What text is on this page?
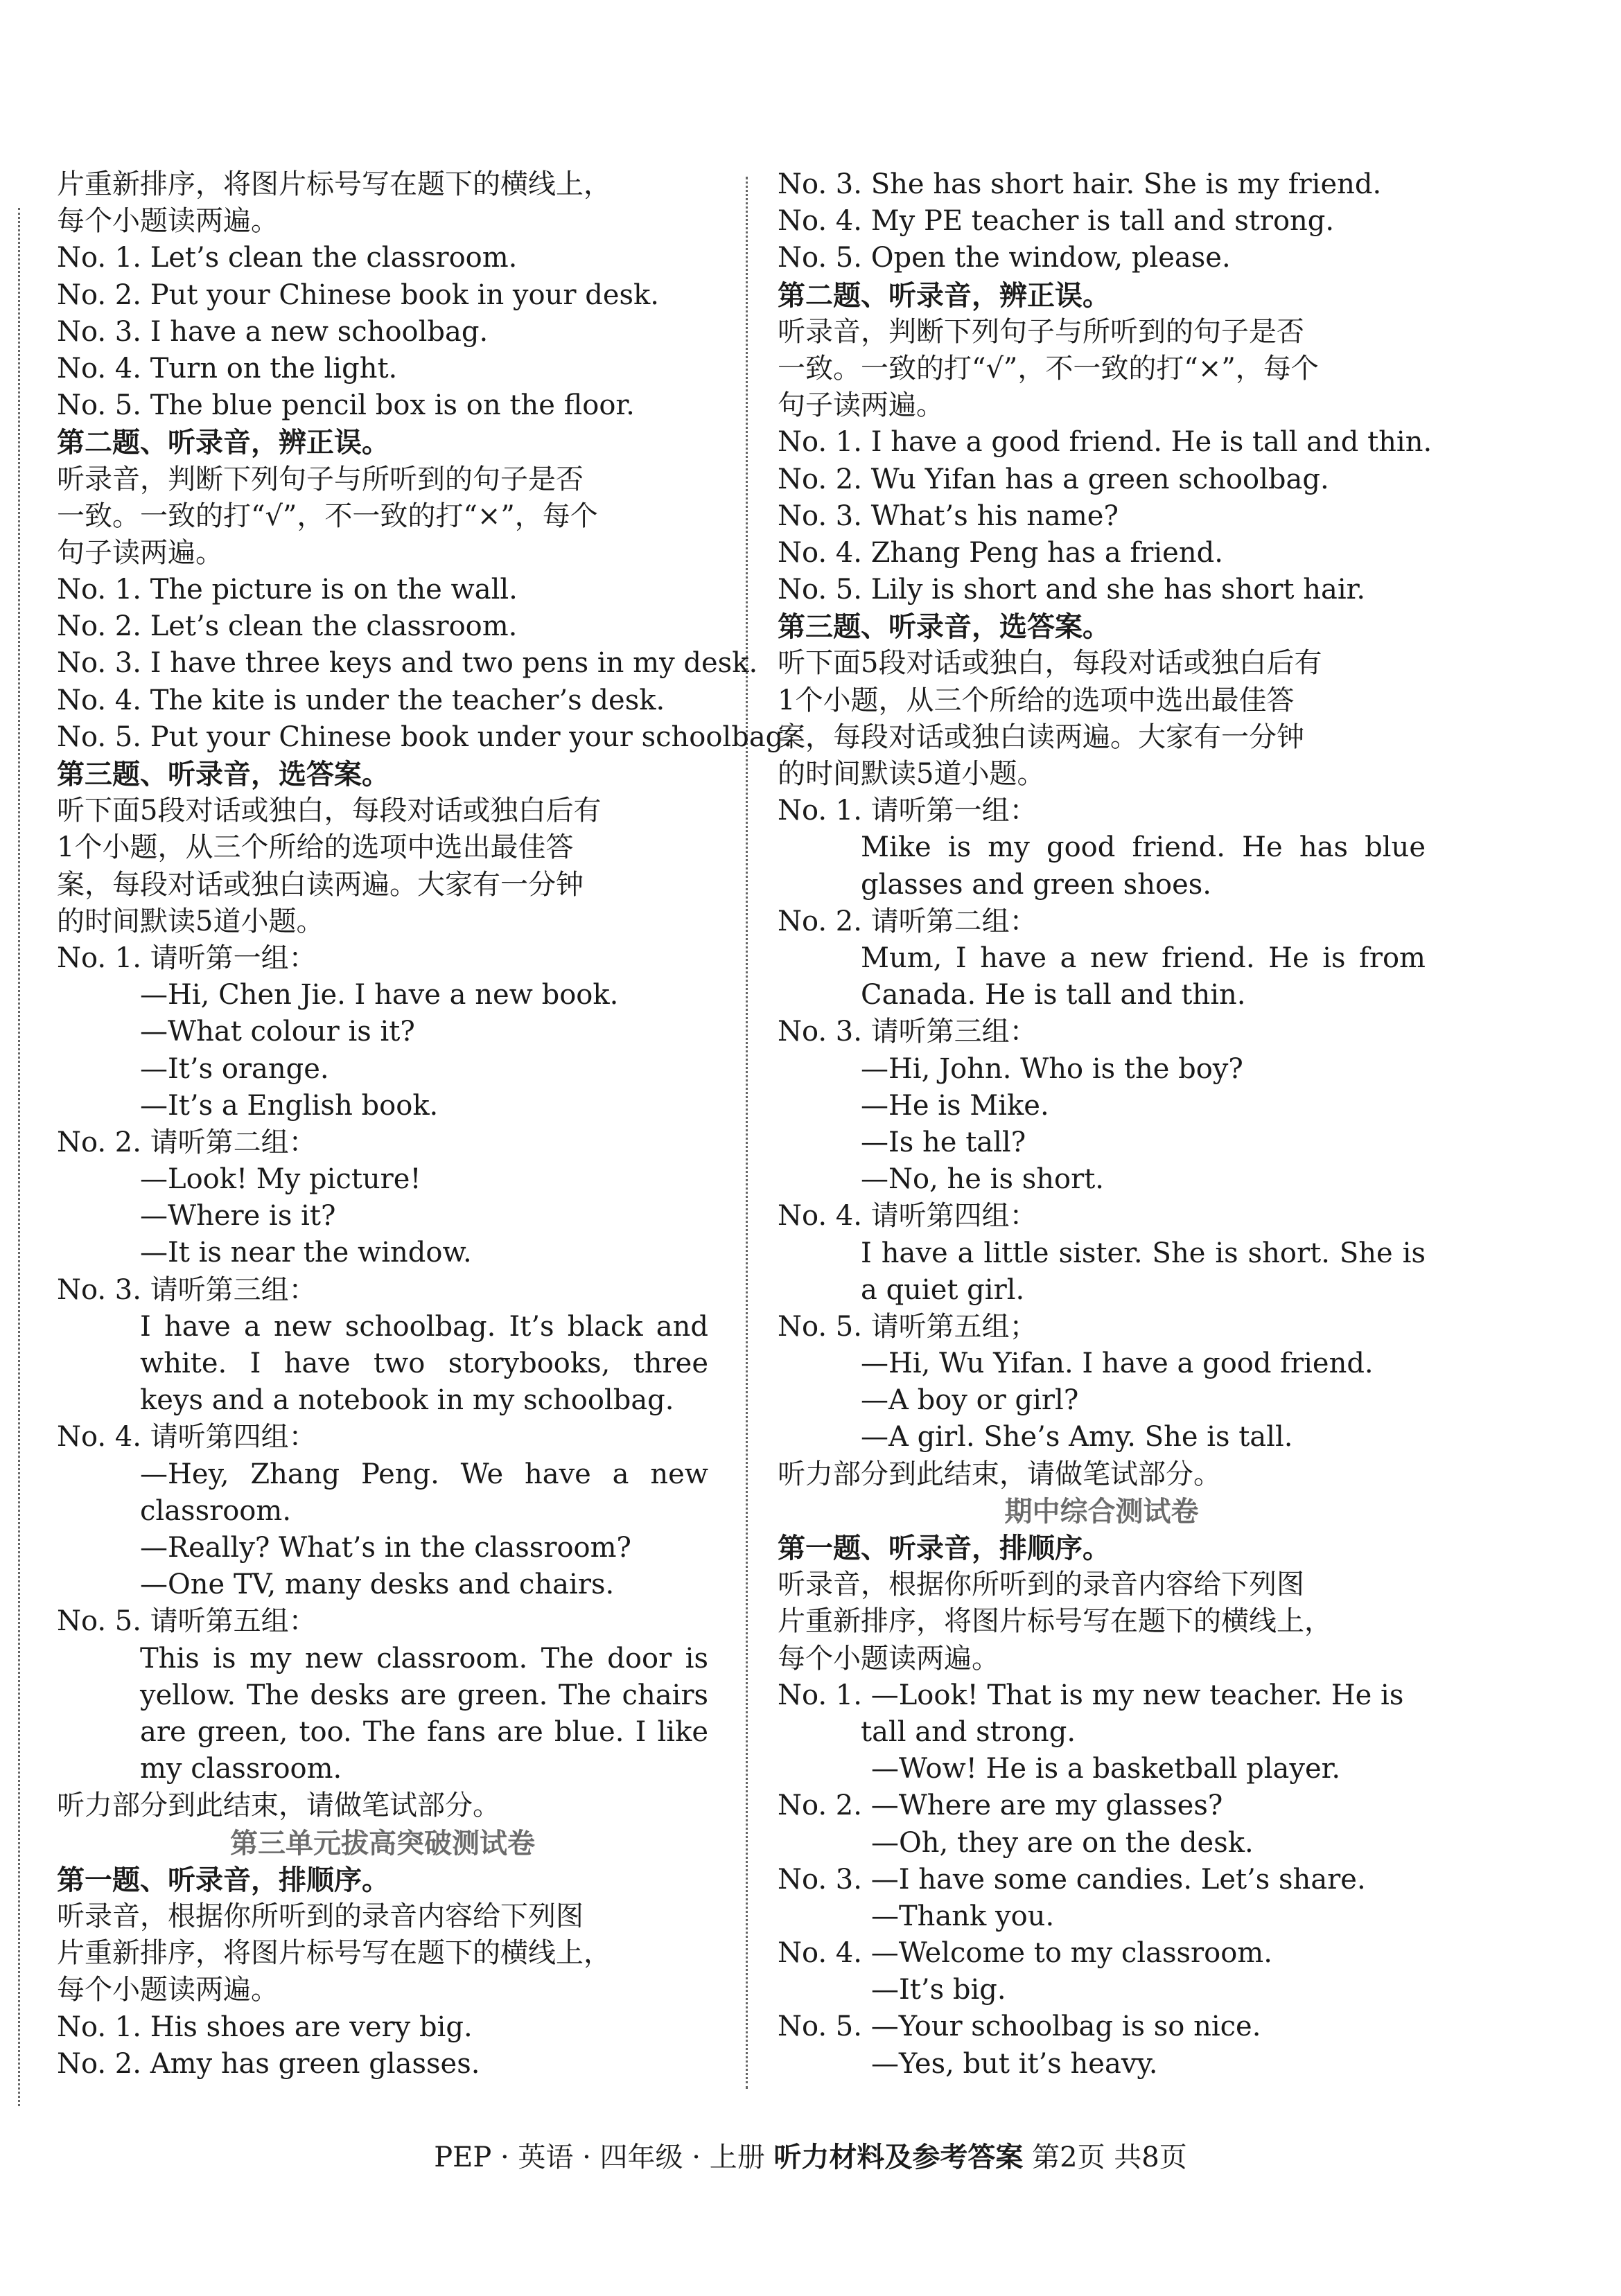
片重新排序，将图片标号写在题下的横线上，
每个小题读两遍。
No. 1. Let’s clean the classroom.
No. 2. Put your Chinese book in your desk.
No. 3. I have a new schoolbag.
No. 4. Turn on the light.
No. 5. The blue pencil box is on the floor.
第二题、听录音，辨正误。
听录音，判断下列句子与所听到的句子是否
一致。一致的打“√”，不一致的打“×”，每个
句子读两遍。
No. 1. The picture is on the wall.
No. 2. Let’s clean the classroom.
No. 3. I have three keys and two pens in my desk.
No. 4. The kite is under the teacher’s desk.
No. 5. Put your Chinese book under your schoolbag.
第三题、听录音，选答案。
听下面5段对话或独白，每段对话或独白后有
1个小题，从三个所给的选项中选出最佳答
案，每段对话或独白读两遍。大家有一分钟
的时间默读5道小题。
No. 1. 请听第一组：
—Hi, Chen Jie. I have a new book.
—What colour is it?
—It’s orange.
—It’s a English book.
No. 2. 请听第二组：
—Look! My picture!
—Where is it?
—It is near the window.
No. 3. 请听第三组：
I have a new schoolbag. It’s black and white. I have two storybooks, three keys and a notebook in my schoolbag.
No. 4. 请听第四组：
—Hey, Zhang Peng. We have a new classroom.
—Really? What’s in the classroom?
—One TV, many desks and chairs.
No. 5. 请听第五组：
This is my new classroom. The door is yellow. The desks are green. The chairs are green, too. The fans are blue. I like my classroom.
听力部分到此结束，请做笔试部分。
第三单元拔高突破测试卷
第一题、听录音，排顺序。
听录音，根据你所听到的录音内容给下列图
片重新排序，将图片标号写在题下的横线上，
每个小题读两遍。
No. 1. His shoes are very big.
No. 2. Amy has green glasses.
No. 3. She has short hair. She is my friend.
No. 4. My PE teacher is tall and strong.
No. 5. Open the window, please.
第二题、听录音，辨正误。
听录音，判断下列句子与所听到的句子是否
一致。一致的打“√”，不一致的打“×”，每个
句子读两遍。
No. 1. I have a good friend. He is tall and thin.
No. 2. Wu Yifan has a green schoolbag.
No. 3. What’s his name?
No. 4. Zhang Peng has a friend.
No. 5. Lily is short and she has short hair.
第三题、听录音，选答案。
听下面5段对话或独白，每段对话或独白后有
1个小题，从三个所给的选项中选出最佳答
案，每段对话或独白读两遍。大家有一分钟
的时间默读5道小题。
No. 1. 请听第一组：
Mike is my good friend. He has blue glasses and green shoes.
No. 2. 请听第二组：
Mum, I have a new friend. He is from Canada. He is tall and thin.
No. 3. 请听第三组：
—Hi, John. Who is the boy?
—He is Mike.
—Is he tall?
—No, he is short.
No. 4. 请听第四组：
I have a little sister. She is short. She is a quiet girl.
No. 5. 请听第五组；
—Hi, Wu Yifan. I have a good friend.
—A boy or girl?
—A girl. She’s Amy. She is tall.
听力部分到此结束，请做笔试部分。
期中综合测试卷
第一题、听录音，排顺序。
听录音，根据你所听到的录音内容给下列图
片重新排序，将图片标号写在题下的横线上，
每个小题读两遍。
No. 1. —Look! That is my new teacher. He is
tall and strong.
—Wow! He is a basketball player.
No. 2. —Where are my glasses?
—Oh, they are on the desk.
No. 3. —I have some candies. Let’s share.
—Thank you.
No. 4. —Welcome to my classroom.
—It’s big.
No. 5. —Your schoolbag is so nice.
—Yes, but it’s heavy.
PEP · 英语 · 四年级 · 上册 听力材料及参考答案 第2页 共8页
